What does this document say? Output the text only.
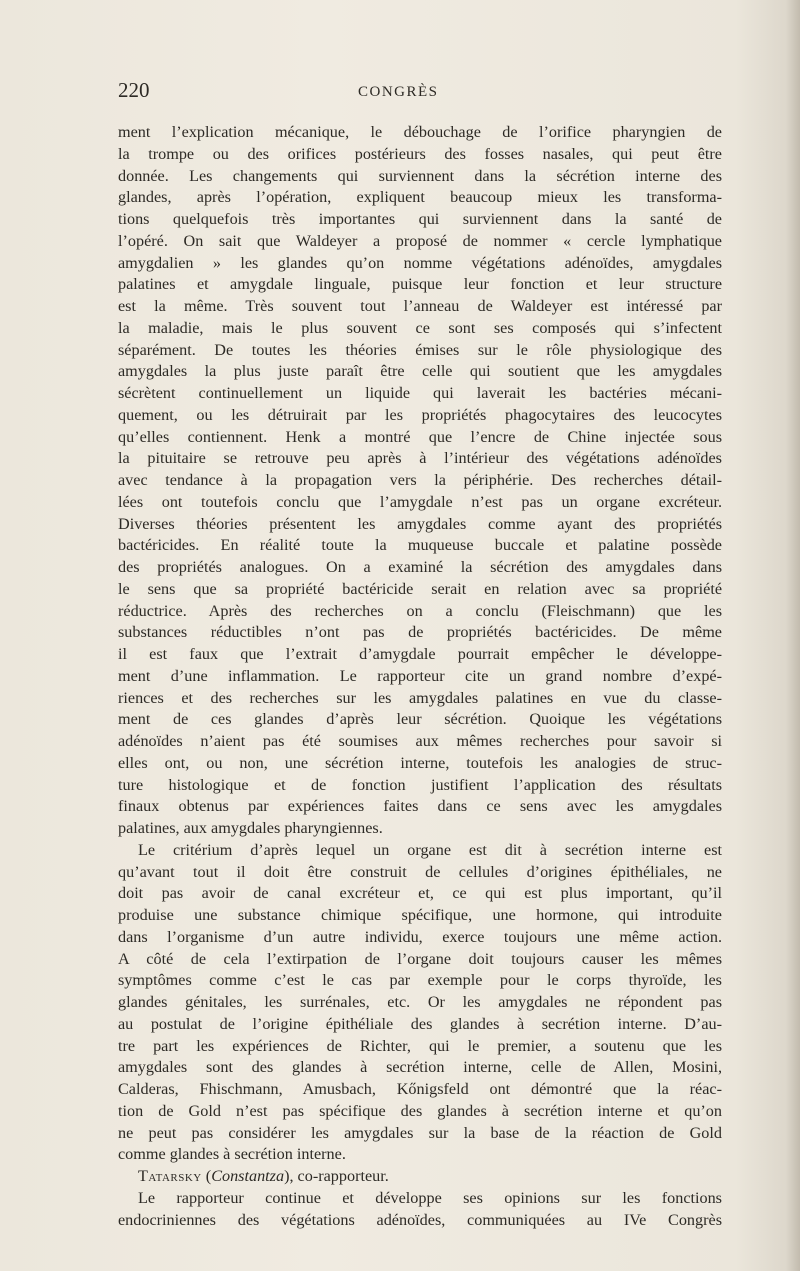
220	CONGRÈS
ment l’explication mécanique, le débouchage de l’orifice pharyngien de
la trompe ou des orifices postérieurs des fosses nasales, qui peut être
donnée. Les changements qui surviennent dans la sécrétion interne des
glandes, après l’opération, expliquent beaucoup mieux les transforma-
tions quelquefois très importantes qui surviennent dans la santé de
l’opéré. On sait que Waldeyer a proposé de nommer « cercle lymphatique
amygdalien » les glandes qu’on nomme végétations adénoïdes, amygdales
palatines et amygdale linguale, puisque leur fonction et leur structure
est la même. Très souvent tout l’anneau de Waldeyer est intéressé par
la maladie, mais le plus souvent ce sont ses composés qui s’infectent
séparément. De toutes les théories émises sur le rôle physiologique des
amygdales la plus juste paraît être celle qui soutient que les amygdales
sécrètent continuellement un liquide qui laverait les bactéries mécani-
quement, ou les détruirait par les propriétés phagocytaires des leucocytes
qu’elles contiennent. Henk a montré que l’encre de Chine injectée sous
la pituitaire se retrouve peu après à l’intérieur des végétations adénoïdes
avec tendance à la propagation vers la périphérie. Des recherches détail-
lées ont toutefois conclu que l’amygdale n’est pas un organe excréteur.
Diverses théories présentent les amygdales comme ayant des propriétés
bactéricides. En réalité toute la muqueuse buccale et palatine possède
des propriétés analogues. On a examiné la sécrétion des amygdales dans
le sens que sa propriété bactéricide serait en relation avec sa propriété
réductrice. Après des recherches on a conclu (Fleischmann) que les
substances réductibles n’ont pas de propriétés bactéricides. De même
il est faux que l’extrait d’amygdale pourrait empêcher le développe-
ment d’une inflammation. Le rapporteur cite un grand nombre d’expé-
riences et des recherches sur les amygdales palatines en vue du classe-
ment de ces glandes d’après leur sécrétion. Quoique les végétations
adénoïdes n’aient pas été soumises aux mêmes recherches pour savoir si
elles ont, ou non, une sécrétion interne, toutefois les analogies de struc-
ture histologique et de fonction justifient l’application des résultats
finaux obtenus par expériences faites dans ce sens avec les amygdales
palatines, aux amygdales pharyngiennes.
Le critérium d’après lequel un organe est dit à secrétion interne est
qu’avant tout il doit être construit de cellules d’origines épithéliales, ne
doit pas avoir de canal excréteur et, ce qui est plus important, qu’il
produise une substance chimique spécifique, une hormone, qui introduite
dans l’organisme d’un autre individu, exerce toujours une même action.
A côté de cela l’extirpation de l’organe doit toujours causer les mêmes
symptômes comme c’est le cas par exemple pour le corps thyroïde, les
glandes génitales, les surrénales, etc. Or les amygdales ne répondent pas
au postulat de l’origine épithéliale des glandes à secrétion interne. D’au-
tre part les expériences de Richter, qui le premier, a soutenu que les
amygdales sont des glandes à secrétion interne, celle de Allen, Mosini,
Calderas, Fhischmann, Amusbach, Kőnigsfeld ont démontré que la réac-
tion de Gold n’est pas spécifique des glandes à secrétion interne et qu’on
ne peut pas considérer les amygdales sur la base de la réaction de Gold
comme glandes à secrétion interne.
Tatarsky (Constantza), co-rapporteur.
Le rapporteur continue et développe ses opinions sur les fonctions
endocriniennes des végétations adénoïdes, communiquées au IVe Congrès
